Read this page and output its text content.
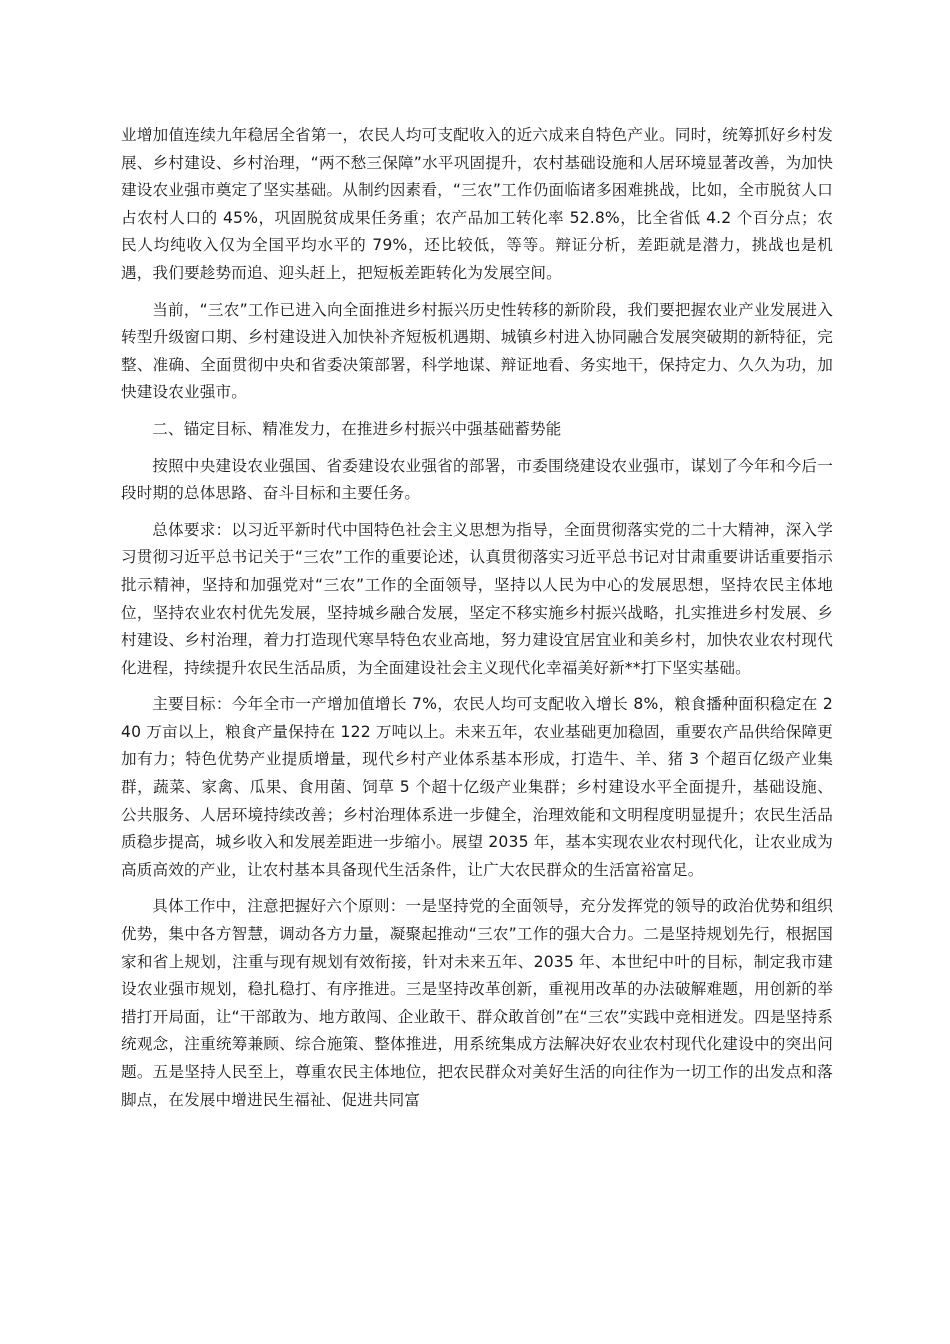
业增加值连续九年稳居全省第一，农民人均可支配收入的近六成来自特色产业。同时，统筹抓好乡村发展、乡村建设、乡村治理，“两不愁三保障”水平巩固提升，农村基础设施和人居环境显著改善，为加快建设农业强市奠定了坚实基础。从制约因素看，“三农”工作仍面临诸多困难挑战，比如，全市脱贫人口占农村人口的 45%，巩固脱贫成果任务重；农产品加工转化率 52.8%，比全省低 4.2 个百分点；农民人均纯收入仅为全国平均水平的 79%，还比较低，等等。辩证分析，差距就是潜力，挑战也是机遇，我们要趁势而追、迎头赶上，把短板差距转化为发展空间。

当前，“三农”工作已进入向全面推进乡村振兴历史性转移的新阶段，我们要把握农业产业发展进入转型升级窗口期、乡村建设进入加快补齐短板机遇期、城镇乡村进入协同融合发展突破期的新特征，完整、准确、全面贯彻中央和省委决策部署，科学地谋、辩证地看、务实地干，保持定力、久久为功，加快建设农业强市。

二、锚定目标、精准发力，在推进乡村振兴中强基础蓄势能

按照中央建设农业强国、省委建设农业强省的部署，市委围绕建设农业强市，谋划了今年和今后一段时期的总体思路、奋斗目标和主要任务。

总体要求：以习近平新时代中国特色社会主义思想为指导，全面贯彻落实党的二十大精神，深入学习贯彻习近平总书记关于“三农”工作的重要论述，认真贯彻落实习近平总书记对甘肃重要讲话重要指示批示精神，坚持和加强党对“三农”工作的全面领导，坚持以人民为中心的发展思想，坚持农民主体地位，坚持农业农村优先发展，坚持城乡融合发展，坚定不移实施乡村振兴战略，扎实推进乡村发展、乡村建设、乡村治理，着力打造现代寒旱特色农业高地，努力建设宜居宜业和美乡村，加快农业农村现代化进程，持续提升农民生活品质，为全面建设社会主义现代化幸福美好新**打下坚实基础。

主要目标：今年全市一产增加值增长 7%，农民人均可支配收入增长 8%，粮食播种面积稳定在 240 万亩以上，粮食产量保持在 122 万吨以上。未来五年，农业基础更加稳固，重要农产品供给保障更加有力；特色优势产业提质增量，现代乡村产业体系基本形成，打造牛、羊、猪 3 个超百亿级产业集群，蔬菜、家禽、瓜果、食用菌、饲草 5 个超十亿级产业集群；乡村建设水平全面提升，基础设施、公共服务、人居环境持续改善；乡村治理体系进一步健全，治理效能和文明程度明显提升；农民生活品质稳步提高，城乡收入和发展差距进一步缩小。展望 2035 年，基本实现农业农村现代化，让农业成为高质高效的产业，让农村基本具备现代生活条件，让广大农民群众的生活富裕富足。

具体工作中，注意把握好六个原则：一是坚持党的全面领导，充分发挥党的领导的政治优势和组织优势，集中各方智慧，调动各方力量，凝聚起推动“三农”工作的强大合力。二是坚持规划先行，根据国家和省上规划，注重与现有规划有效衔接，针对未来五年、2035 年、本世纪中叶的目标，制定我市建设农业强市规划，稳扎稳打、有序推进。三是坚持改革创新，重视用改革的办法破解难题，用创新的举措打开局面，让“干部敢为、地方敢闯、企业敢干、群众敢首创”在“三农”实践中竞相迸发。四是坚持系统观念，注重统筹兼顾、综合施策、整体推进，用系统集成方法解决好农业农村现代化建设中的突出问题。五是坚持人民至上，尊重农民主体地位，把农民群众对美好生活的向往作为一切工作的出发点和落脚点，在发展中增进民生福祉、促进共同富
